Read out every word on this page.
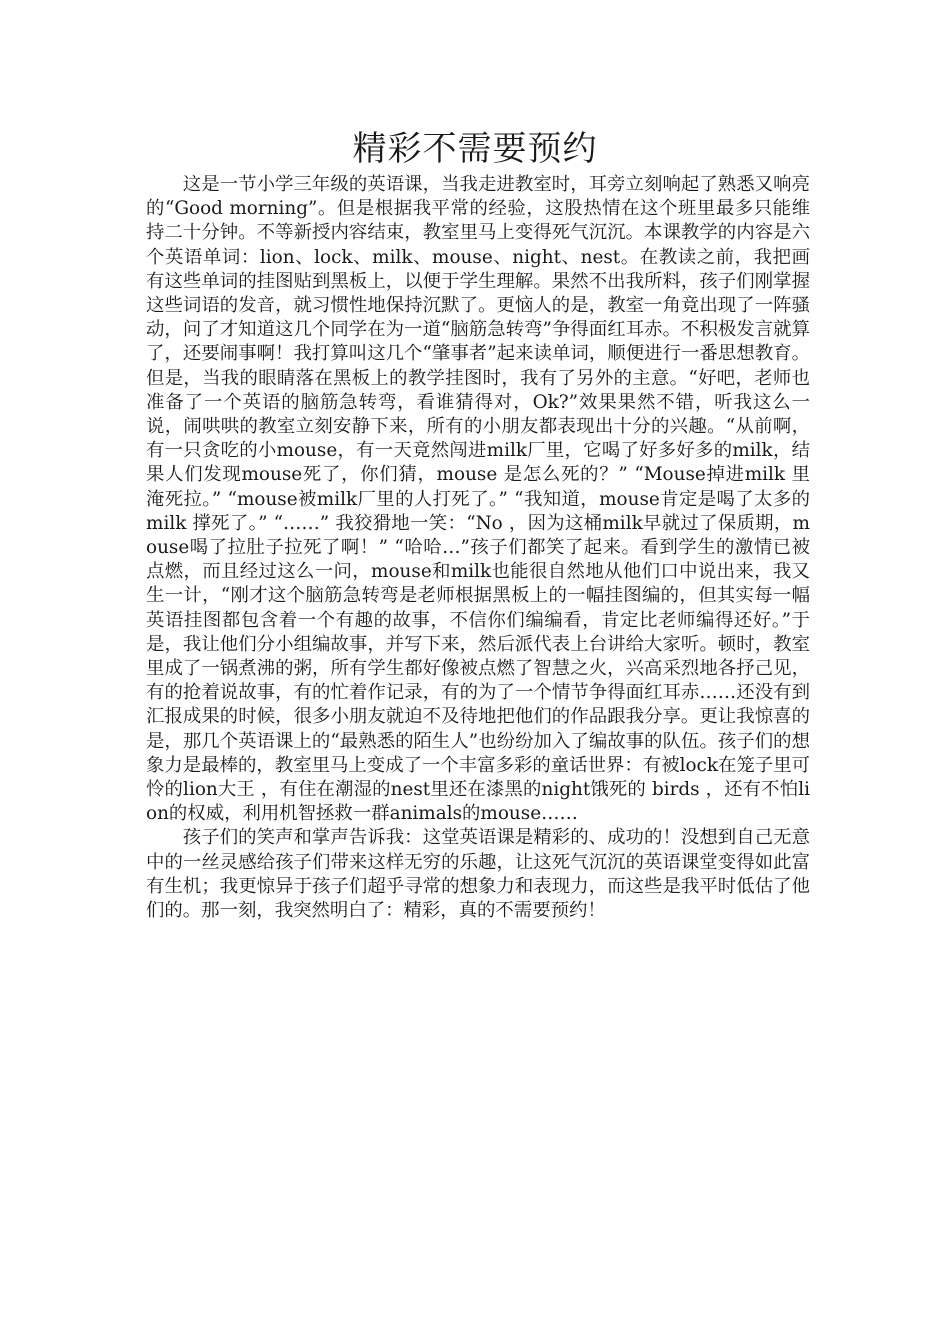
精彩不需要预约

这是一节小学三年级的英语课，当我走进教室时，耳旁立刻响起了熟悉又响亮的“Good morning”。但是根据我平常的经验，这股热情在这个班里最多只能维持二十分钟。不等新授内容结束，教室里马上变得死气沉沉。本课教学的内容是六个英语单词：lion、lock、milk、mouse、night、nest。在教读之前，我把画有这些单词的挂图贴到黑板上，以便于学生理解。果然不出我所料，孩子们刚掌握这些词语的发音，就习惯性地保持沉默了。更恼人的是，教室一角竟出现了一阵骚动，问了才知道这几个同学在为一道“脑筋急转弯”争得面红耳赤。不积极发言就算了，还要闹事啊！我打算叫这几个“肇事者”起来读单词，顺便进行一番思想教育。但是，当我的眼睛落在黑板上的教学挂图时，我有了另外的主意。“好吧，老师也准备了一个英语的脑筋急转弯，看谁猜得对，Ok?”效果果然不错，听我这么一说，闹哄哄的教室立刻安静下来，所有的小朋友都表现出十分的兴趣。“从前啊，有一只贪吃的小mouse，有一天竟然闯进milk厂里，它喝了好多好多的milk，结果人们发现mouse死了，你们猜，mouse 是怎么死的？” “Mouse掉进milk 里淹死拉。” “mouse被milk厂里的人打死了。” “我知道，mouse肯定是喝了太多的milk 撑死了。” “……” 我狡猾地一笑：“No ，因为这桶milk早就过了保质期，mouse喝了拉肚子拉死了啊！” “哈哈…”孩子们都笑了起来。看到学生的激情已被点燃，而且经过这么一问，mouse和milk也能很自然地从他们口中说出来，我又生一计，“刚才这个脑筋急转弯是老师根据黑板上的一幅挂图编的，但其实每一幅英语挂图都包含着一个有趣的故事，不信你们编编看，肯定比老师编得还好。”于是，我让他们分小组编故事，并写下来，然后派代表上台讲给大家听。顿时，教室里成了一锅煮沸的粥，所有学生都好像被点燃了智慧之火，兴高采烈地各抒己见，有的抢着说故事，有的忙着作记录，有的为了一个情节争得面红耳赤……还没有到汇报成果的时候，很多小朋友就迫不及待地把他们的作品跟我分享。更让我惊喜的是，那几个英语课上的“最熟悉的陌生人”也纷纷加入了编故事的队伍。孩子们的想象力是最棒的，教室里马上变成了一个丰富多彩的童话世界：有被lock在笼子里可怜的lion大王 ，有住在潮湿的nest里还在漆黑的night饿死的 birds ，还有不怕lion的权威，利用机智拯救一群animals的mouse……

孩子们的笑声和掌声告诉我：这堂英语课是精彩的、成功的！没想到自己无意中的一丝灵感给孩子们带来这样无穷的乐趣，让这死气沉沉的英语课堂变得如此富有生机；我更惊异于孩子们超乎寻常的想象力和表现力，而这些是我平时低估了他们的。那一刻，我突然明白了：精彩，真的不需要预约！
